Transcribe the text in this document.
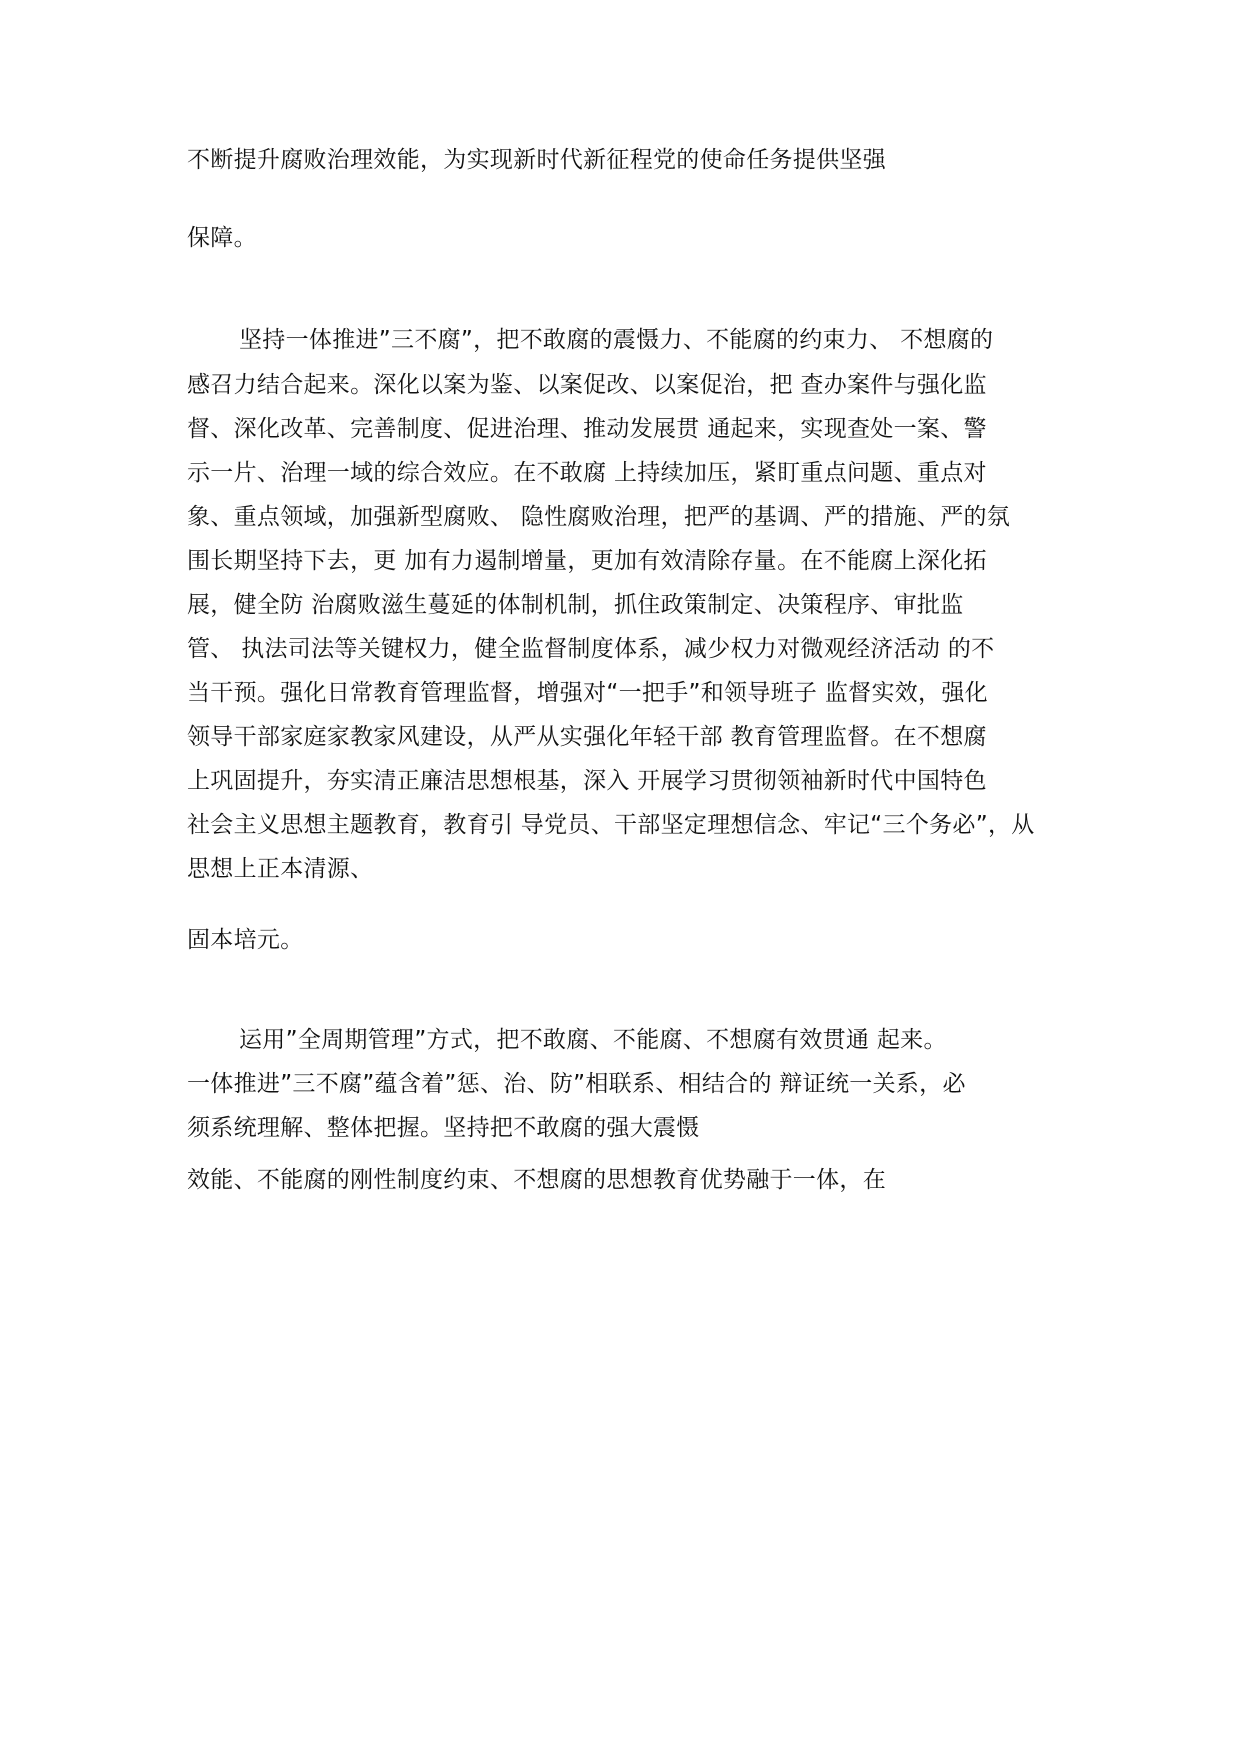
不断提升腐败治理效能，为实现新时代新征程党的使命任务提供坚强
保障。
坚持一体推进”三不腐”，把不敢腐的震慑力、不能腐的约束力、 不想腐的
感召力结合起来。深化以案为鉴、以案促改、以案促治，把 查办案件与强化监
督、深化改革、完善制度、促进治理、推动发展贯 通起来，实现查处一案、警
示一片、治理一域的综合效应。在不敢腐 上持续加压，紧盯重点问题、重点对
象、重点领域，加强新型腐败、 隐性腐败治理，把严的基调、严的措施、严的氛
围长期坚持下去，更 加有力遏制增量，更加有效清除存量。在不能腐上深化拓
展，健全防 治腐败滋生蔓延的体制机制，抓住政策制定、决策程序、审批监
管、 执法司法等关键权力，健全监督制度体系，减少权力对微观经济活动 的不
当干预。强化日常教育管理监督，增强对“一把手”和领导班子 监督实效，强化
领导干部家庭家教家风建设，从严从实强化年轻干部 教育管理监督。在不想腐
上巩固提升，夯实清正廉洁思想根基，深入 开展学习贯彻领袖新时代中国特色
社会主义思想主题教育，教育引 导党员、干部坚定理想信念、牢记“三个务必”，从
思想上正本清源、
固本培元。
运用”全周期管理”方式，把不敢腐、不能腐、不想腐有效贯通 起来。
一体推进”三不腐”蕴含着”惩、治、防”相联系、相结合的 辩证统一关系，必
须系统理解、整体把握。坚持把不敢腐的强大震慑
效能、不能腐的刚性制度约束、不想腐的思想教育优势融于一体，在
